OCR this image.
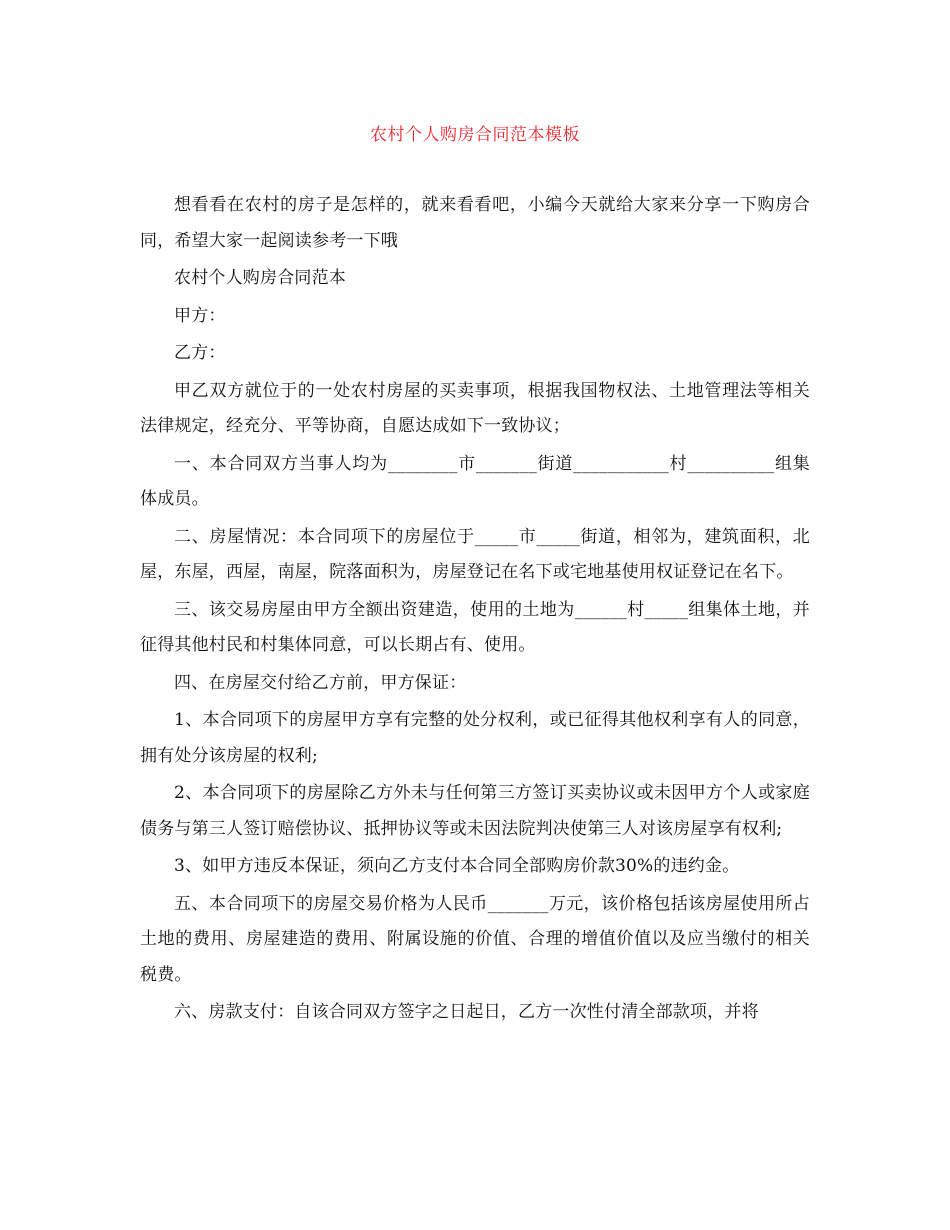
农村个人购房合同范本模板

想看看在农村的房子是怎样的，就来看看吧，小编今天就给大家来分享一下购房合同，希望大家一起阅读参考一下哦

农村个人购房合同范本

甲方：

乙方：

甲乙双方就位于的一处农村房屋的买卖事项，根据我国物权法、土地管理法等相关法律规定，经充分、平等协商，自愿达成如下一致协议；

一、本合同双方当事人均为________市_______街道___________村__________组集体成员。

二、房屋情况：本合同项下的房屋位于_____市_____街道，相邻为，建筑面积，北屋，东屋，西屋，南屋，院落面积为，房屋登记在名下或宅地基使用权证登记在名下。

三、该交易房屋由甲方全额出资建造，使用的土地为______村_____组集体土地，并征得其他村民和村集体同意，可以长期占有、使用。

四、在房屋交付给乙方前，甲方保证：

1、本合同项下的房屋甲方享有完整的处分权利，或已征得其他权利享有人的同意，拥有处分该房屋的权利;

2、本合同项下的房屋除乙方外未与任何第三方签订买卖协议或未因甲方个人或家庭债务与第三人签订赔偿协议、抵押协议等或未因法院判决使第三人对该房屋享有权利;

3、如甲方违反本保证，须向乙方支付本合同全部购房价款30%的违约金。

五、本合同项下的房屋交易价格为人民币_______万元，该价格包括该房屋使用所占土地的费用、房屋建造的费用、附属设施的价值、合理的增值价值以及应当缴付的相关税费。

六、房款支付：自该合同双方签字之日起日，乙方一次性付清全部款项，并将
